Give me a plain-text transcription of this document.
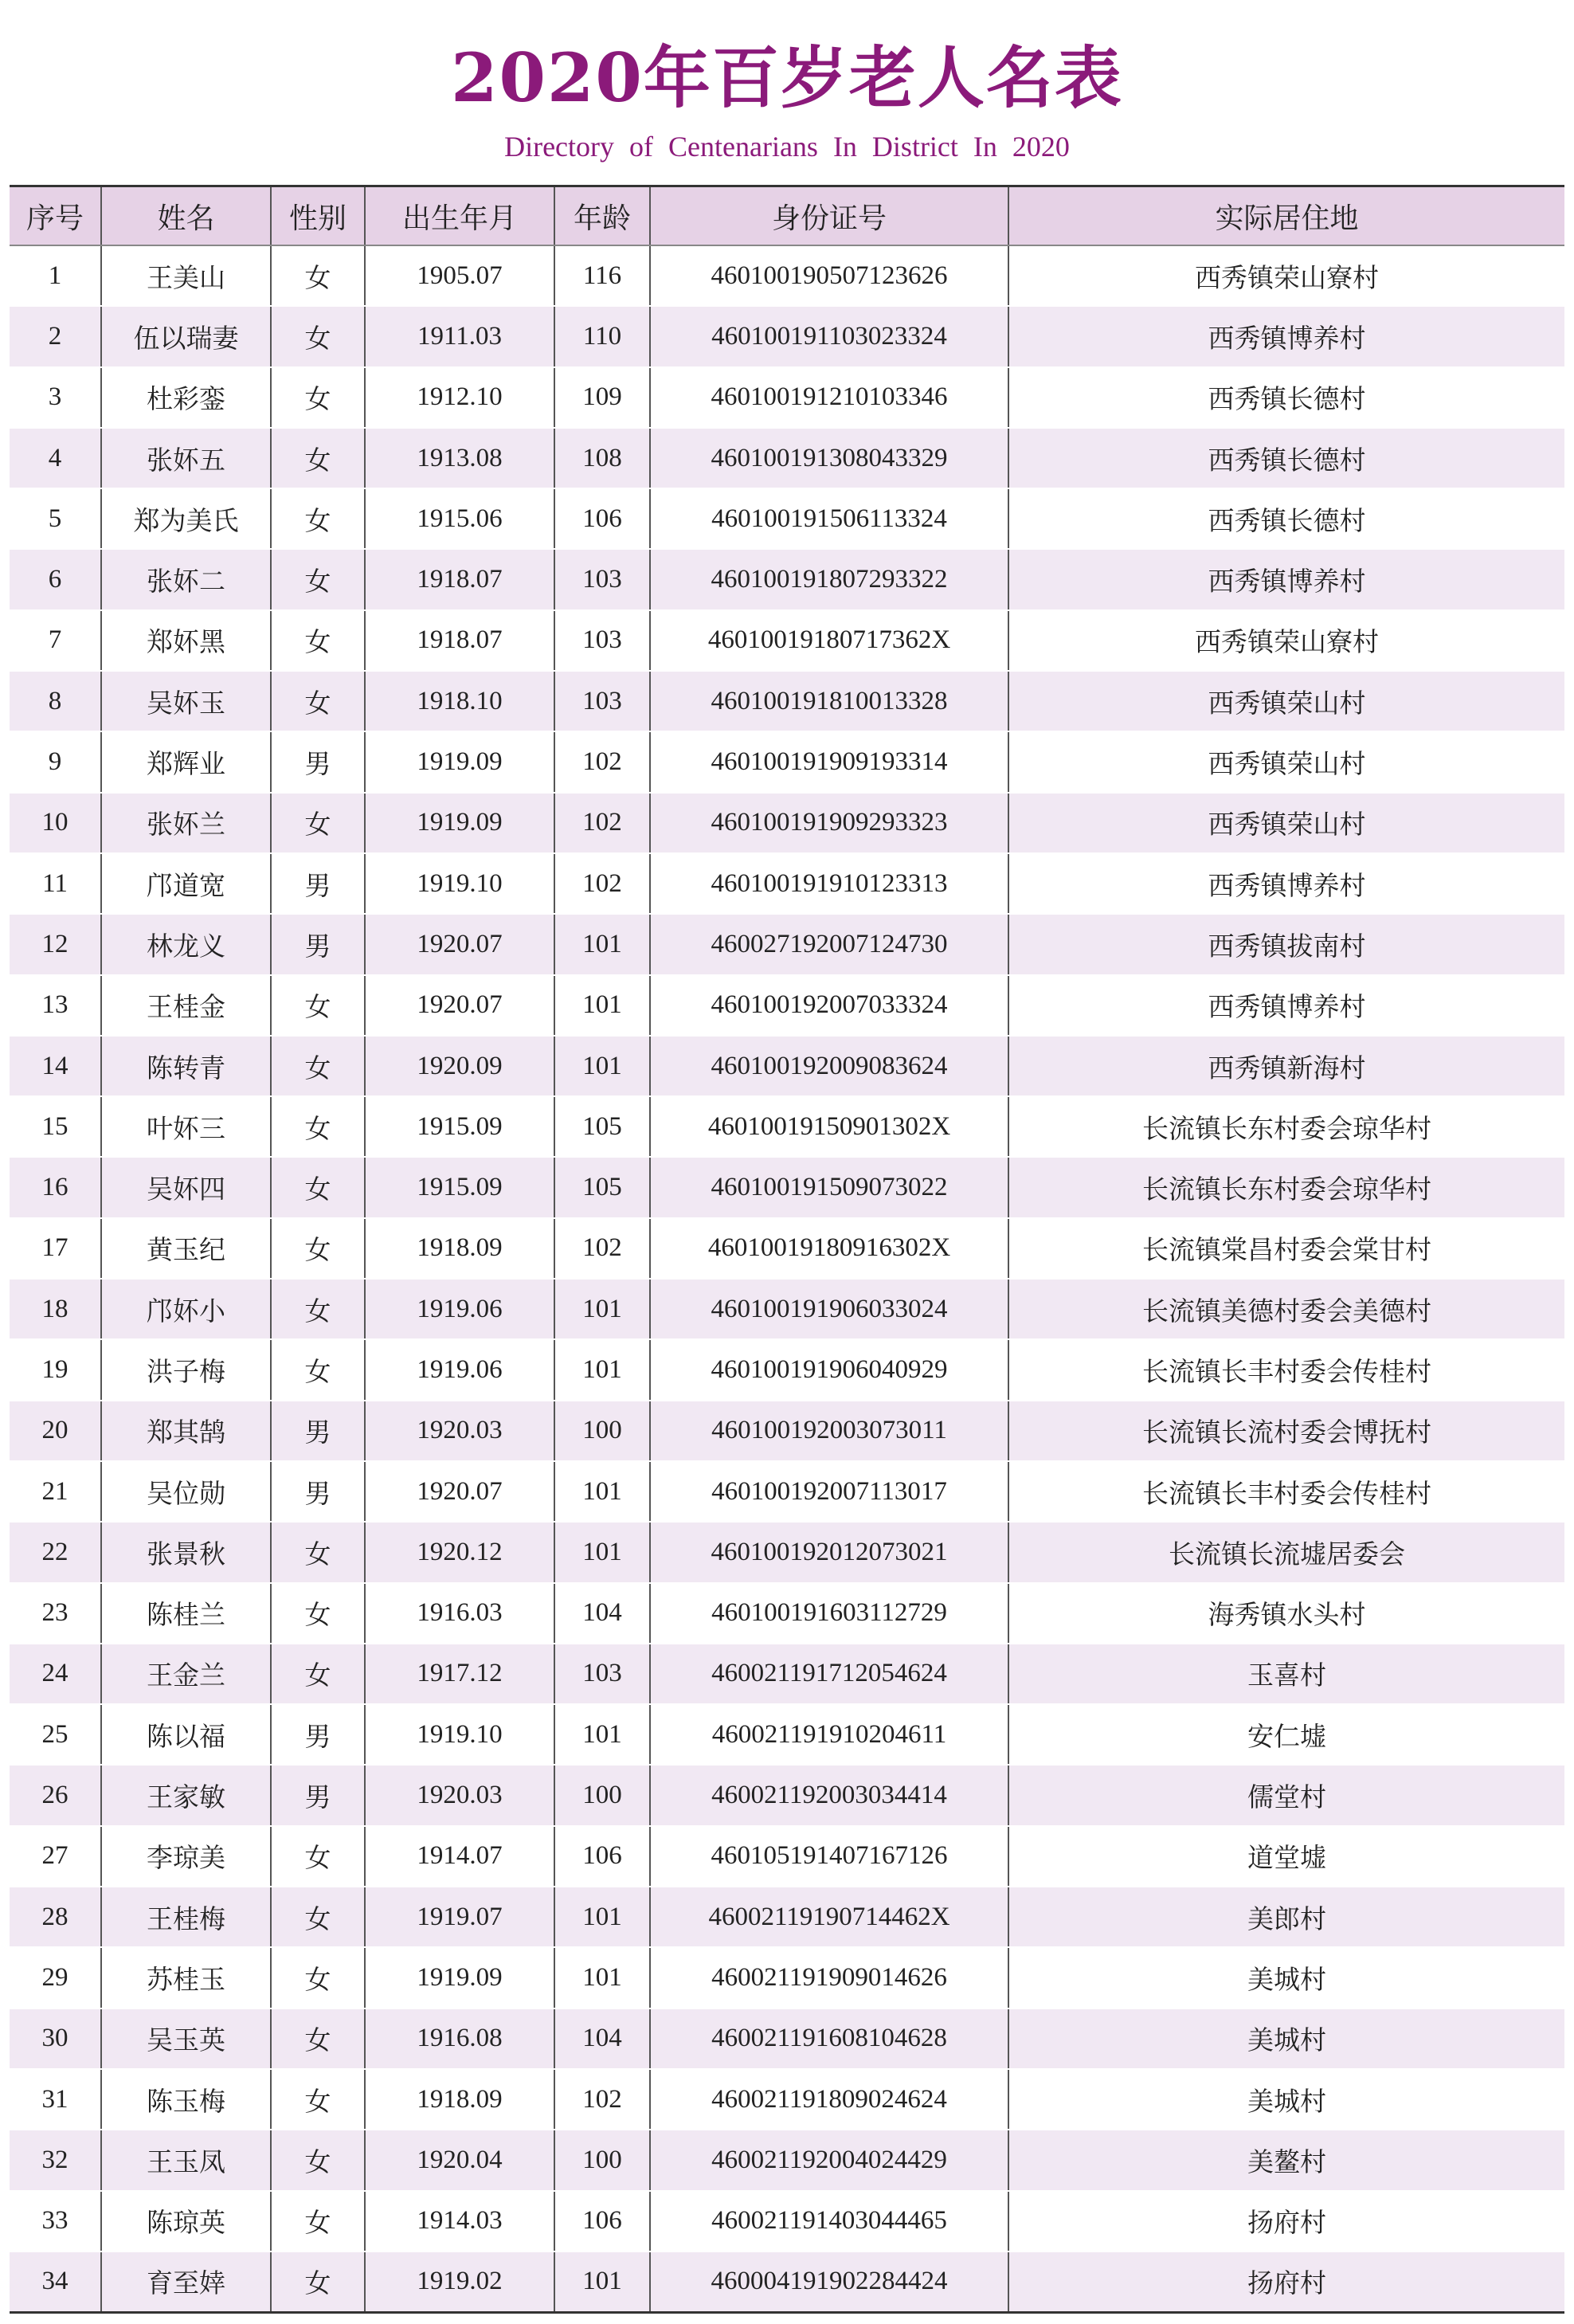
2020年百岁老人名表
Directory of Centenarians In District In 2020
序号	姓名	性别	出生年月	年龄	身份证号	实际居住地
1	王美山	女	1905.07	116	460100190507123626	西秀镇荣山寮村
2	伍以瑞妻	女	1911.03	110	460100191103023324	西秀镇博养村
3	杜彩銮	女	1912.10	109	460100191210103346	西秀镇长德村
4	张妚五	女	1913.08	108	460100191308043329	西秀镇长德村
5	郑为美氏	女	1915.06	106	460100191506113324	西秀镇长德村
6	张妚二	女	1918.07	103	460100191807293322	西秀镇博养村
7	郑妚黑	女	1918.07	103	46010019180717362X	西秀镇荣山寮村
8	吴妚玉	女	1918.10	103	460100191810013328	西秀镇荣山村
9	郑辉业	男	1919.09	102	460100191909193314	西秀镇荣山村
10	张妚兰	女	1919.09	102	460100191909293323	西秀镇荣山村
11	邝道宽	男	1919.10	102	460100191910123313	西秀镇博养村
12	林龙义	男	1920.07	101	460027192007124730	西秀镇拔南村
13	王桂金	女	1920.07	101	460100192007033324	西秀镇博养村
14	陈转青	女	1920.09	101	460100192009083624	西秀镇新海村
15	叶妚三	女	1915.09	105	46010019150901302X	长流镇长东村委会琼华村
16	吴妚四	女	1915.09	105	460100191509073022	长流镇长东村委会琼华村
17	黄玉纪	女	1918.09	102	46010019180916302X	长流镇棠昌村委会棠甘村
18	邝妚小	女	1919.06	101	460100191906033024	长流镇美德村委会美德村
19	洪子梅	女	1919.06	101	460100191906040929	长流镇长丰村委会传桂村
20	郑其鹄	男	1920.03	100	460100192003073011	长流镇长流村委会博抚村
21	吴位勋	男	1920.07	101	460100192007113017	长流镇长丰村委会传桂村
22	张景秋	女	1920.12	101	460100192012073021	长流镇长流墟居委会
23	陈桂兰	女	1916.03	104	460100191603112729	海秀镇水头村
24	王金兰	女	1917.12	103	460021191712054624	玉喜村
25	陈以福	男	1919.10	101	460021191910204611	安仁墟
26	王家敏	男	1920.03	100	460021192003034414	儒堂村
27	李琼美	女	1914.07	106	460105191407167126	道堂墟
28	王桂梅	女	1919.07	101	46002119190714462X	美郎村
29	苏桂玉	女	1919.09	101	460021191909014626	美城村
30	吴玉英	女	1916.08	104	460021191608104628	美城村
31	陈玉梅	女	1918.09	102	460021191809024624	美城村
32	王玉凤	女	1920.04	100	460021192004024429	美鳌村
33	陈琼英	女	1914.03	106	460021191403044465	扬府村
34	育至婞	女	1919.02	101	460004191902284424	扬府村
